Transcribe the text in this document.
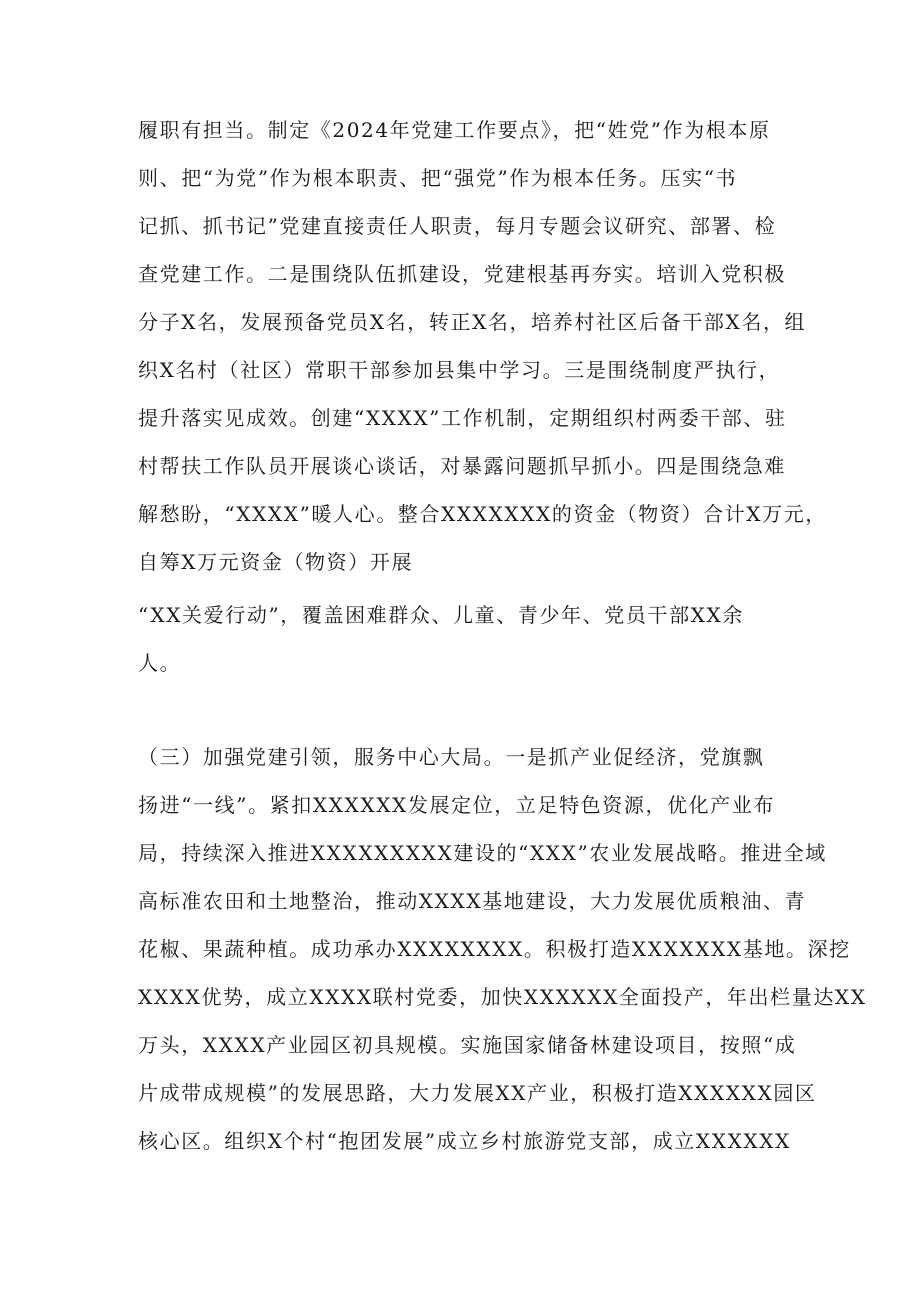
履职有担当。制定《2024年党建工作要点》，把“姓党”作为根本原
则、把“为党”作为根本职责、把“强党”作为根本任务。压实“书
记抓、抓书记”党建直接责任人职责，每月专题会议研究、部署、检
查党建工作。二是围绕队伍抓建设，党建根基再夯实。培训入党积极
分子X名，发展预备党员X名，转正X名，培养村社区后备干部X名，组
织X名村（社区）常职干部参加县集中学习。三是围绕制度严执行，
提升落实见成效。创建“XXXX”工作机制，定期组织村两委干部、驻
村帮扶工作队员开展谈心谈话，对暴露问题抓早抓小。四是围绕急难
解愁盼，“XXXX”暖人心。整合XXXXXXX的资金（物资）合计X万元，
自筹X万元资金（物资）开展
“XX关爱行动”，覆盖困难群众、儿童、青少年、党员干部XX余
人。
（三）加强党建引领，服务中心大局。一是抓产业促经济，党旗飘
扬进“一线”。紧扣XXXXXX发展定位，立足特色资源，优化产业布
局，持续深入推进XXXXXXXXX建设的“XXX”农业发展战略。推进全域
高标准农田和土地整治，推动XXXX基地建设，大力发展优质粮油、青
花椒、果蔬种植。成功承办XXXXXXXX。积极打造XXXXXXX基地。深挖
XXXX优势，成立XXXX联村党委，加快XXXXXX全面投产，年出栏量达XX
万头，XXXX产业园区初具规模。实施国家储备林建设项目，按照“成
片成带成规模”的发展思路，大力发展XX产业，积极打造XXXXXX园区
核心区。组织X个村“抱团发展”成立乡村旅游党支部，成立XXXXXX
